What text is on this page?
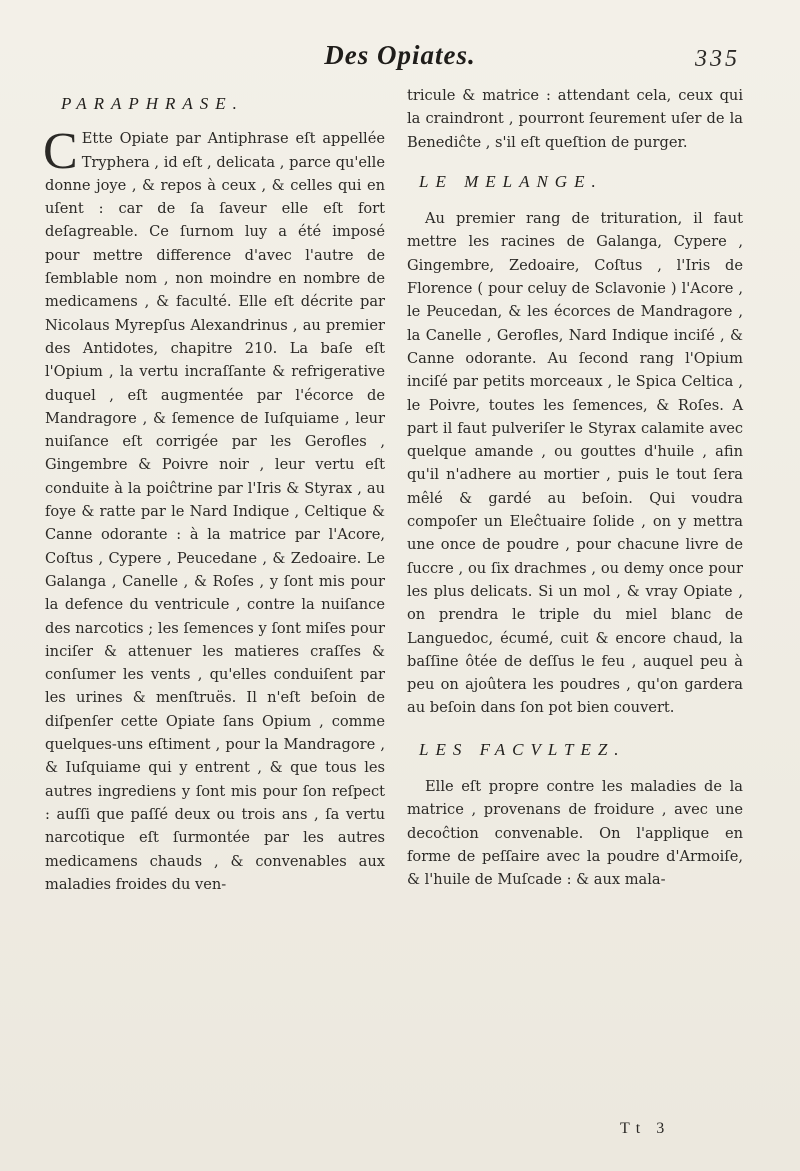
Des Opiates.	335
PARAPHRASE.

C Ette Opiate par Antiphrase eſt appellée Tryphera , id eſt , delicata , parce qu'elle donne joye , & repos à ceux , & celles qui en uſent : car de ſa ſaveur elle eſt fort deſagreable. Ce ſurnom luy a été imposé pour mettre difference d'avec l'autre de ſemblable nom , non moindre en nombre de medicamens , & faculté. Elle eſt décrite par Nicolaus Myrepſus Alexandrinus , au premier des Antidotes, chapitre 210. La baſe eſt l'Opium , la vertu incraſſante & refrigerative duquel , eſt augmentée par l'écorce de Mandragore , & ſemence de Iuſquiame , leur nuiſance eſt corrigée par les Gerofles , Gingembre & Poivre noir , leur vertu eſt conduite à la poiĉtrine par l'Iris & Styrax , au foye & ratte par le Nard Indique , Celtique & Canne odorante : à la matrice par l'Acore, Coſtus , Cypere , Peucedane , & Zedoaire. Le Galanga , Canelle , & Roſes , y ſont mis pour la defence du ventricule , contre la nuiſance des narcotics ; les ſemences y ſont miſes pour inciſer & attenuer les matieres craſſes & conſumer les vents , qu'elles conduiſent par les urines & menſtruës. Il n'eſt beſoin de diſpenſer cette Opiate ſans Opium , comme quelques-uns eſtiment , pour la Mandragore , & Iuſquiame qui y entrent , & que tous les autres ingrediens y ſont mis pour ſon reſpect : auſſi que paſſé deux ou trois ans , ſa vertu narcotique eſt ſurmontée par les autres medicamens chauds , & convenables aux maladies froides du ven-

tricule & matrice : attendant cela, ceux qui la craindront , pourront ſeurement uſer de la Benediĉte , s'il eſt queſtion de purger.

LE MELANGE.

Au premier rang de trituration, il faut mettre les racines de Galanga, Cypere , Gingembre, Zedoaire, Coſtus , l'Iris de Florence ( pour celuy de Sclavonie ) l'Acore , le Peucedan, & les écorces de Mandragore , la Canelle , Gerofles, Nard Indique inciſé , & Canne odorante. Au ſecond rang l'Opium inciſé par petits morceaux , le Spica Celtica , le Poivre, toutes les ſemences, & Roſes. A part il faut pulveriſer le Styrax calamite avec quelque amande , ou gouttes d'huile , afin qu'il n'adhere au mortier , puis le tout ſera mêlé & gardé au beſoin. Qui voudra compoſer un Eleĉtuaire ſolide , on y mettra une once de poudre , pour chacune livre de ſuccre , ou ſix drachmes , ou demy once pour les plus delicats. Si un mol , & vray Opiate , on prendra le triple du miel blanc de Languedoc, écumé, cuit & encore chaud, la baſſine ôtée de deſſus le feu , auquel peu à peu on ajoûtera les poudres , qu'on gardera au beſoin dans ſon pot bien couvert.

LES FACVLTEZ.

Elle eſt propre contre les maladies de la matrice , provenans de froidure , avec une decoĉtion convenable. On l'applique en forme de peſſaire avec la poudre d'Armoiſe, & l'huile de Muſcade : & aux mala-

Tt 3
